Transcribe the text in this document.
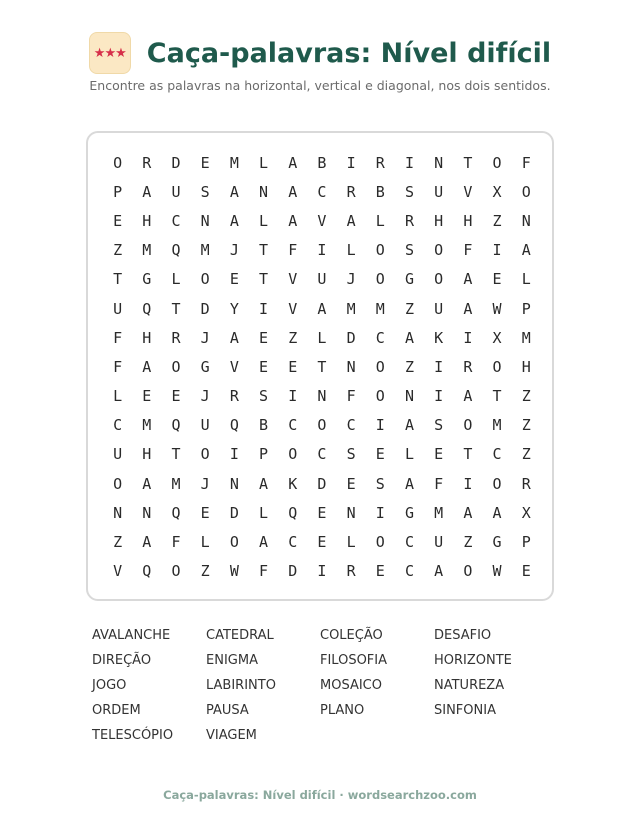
★★★ Caça-palavras: Nível difícil
Encontre as palavras na horizontal, vertical e diagonal, nos dois sentidos.
O	R	D	E	M	L	A	B	I	R	I	N	T	O	F
P	A	U	S	A	N	A	C	R	B	S	U	V	X	O
E	H	C	N	A	L	A	V	A	L	R	H	H	Z	N
Z	M	Q	M	J	T	F	I	L	O	S	O	F	I	A
T	G	L	O	E	T	V	U	J	O	G	O	A	E	L
U	Q	T	D	Y	I	V	A	M	M	Z	U	A	W	P
F	H	R	J	A	E	Z	L	D	C	A	K	I	X	M
F	A	O	G	V	E	E	T	N	O	Z	I	R	O	H
L	E	E	J	R	S	I	N	F	O	N	I	A	T	Z
C	M	Q	U	Q	B	C	O	C	I	A	S	O	M	Z
U	H	T	O	I	P	O	C	S	E	L	E	T	C	Z
O	A	M	J	N	A	K	D	E	S	A	F	I	O	R
N	N	Q	E	D	L	Q	E	N	I	G	M	A	A	X
Z	A	F	L	O	A	C	E	L	O	C	U	Z	G	P
V	Q	O	Z	W	F	D	I	R	E	C	A	O	W	E
AVALANCHE	CATEDRAL	COLEÇÃO	DESAFIO
DIREÇÃO	ENIGMA	FILOSOFIA	HORIZONTE
JOGO	LABIRINTO	MOSAICO	NATUREZA
ORDEM	PAUSA	PLANO	SINFONIA
TELESCÓPIO	VIAGEM
Caça-palavras: Nível difícil · wordsearchzoo.com
